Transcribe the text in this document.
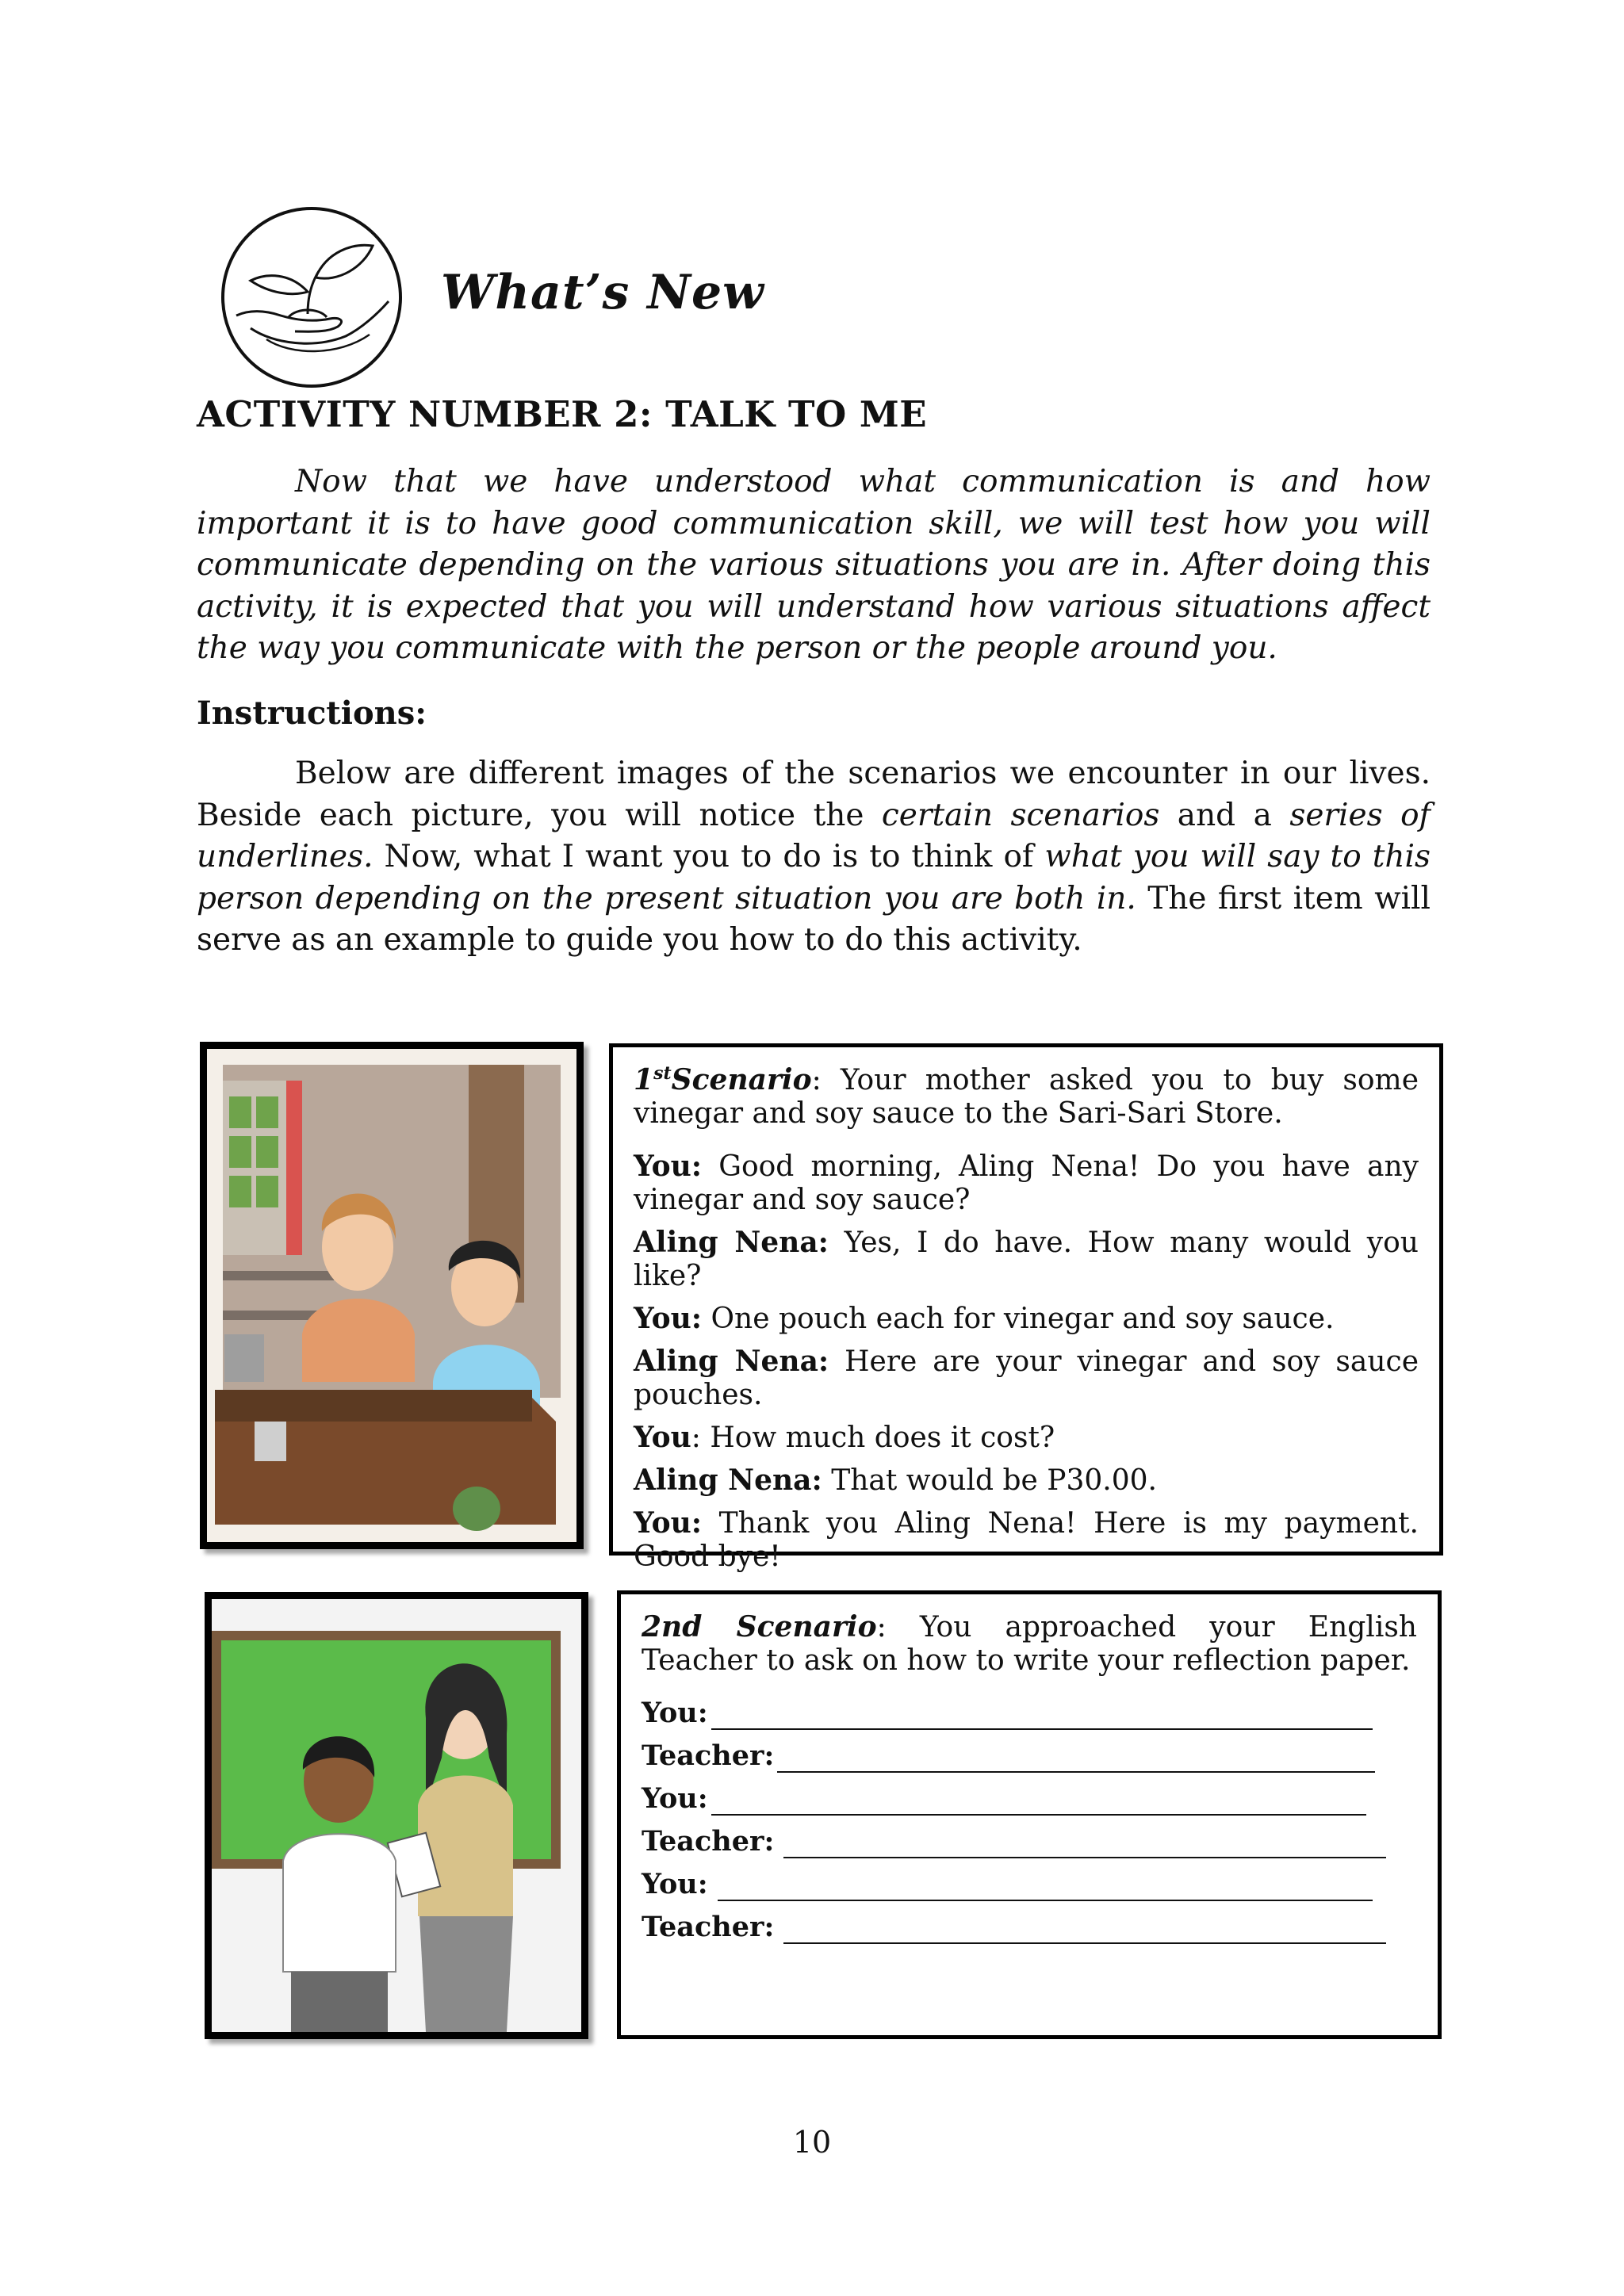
What’s New
ACTIVITY NUMBER 2: TALK TO ME
Now that we have understood what communication is and how important it is to have good communication skill, we will test how you will communicate depending on the various situations you are in. After doing this activity, it is expected that you will understand how various situations affect the way you communicate with the person or the people around you.
Instructions:
Below are different images of the scenarios we encounter in our lives. Beside each picture, you will notice the certain scenarios and a series of underlines. Now, what I want you to do is to think of what you will say to this person depending on the present situation you are both in. The first item will serve as an example to guide you how to do this activity.

1stScenario: Your mother asked you to buy some vinegar and soy sauce to the Sari-Sari Store.

You: Good morning, Aling Nena! Do you have any vinegar and soy sauce?

Aling Nena: Yes, I do have. How many would you like?

You: One pouch each for vinegar and soy sauce.

Aling Nena: Here are your vinegar and soy sauce pouches.

You: How much does it cost?

Aling Nena: That would be P30.00.

You: Thank you Aling Nena! Here is my payment. Good bye!

2nd Scenario: You approached your English Teacher to ask on how to write your reflection paper.

You:
Teacher:
You:
Teacher:
You:
Teacher:
10
